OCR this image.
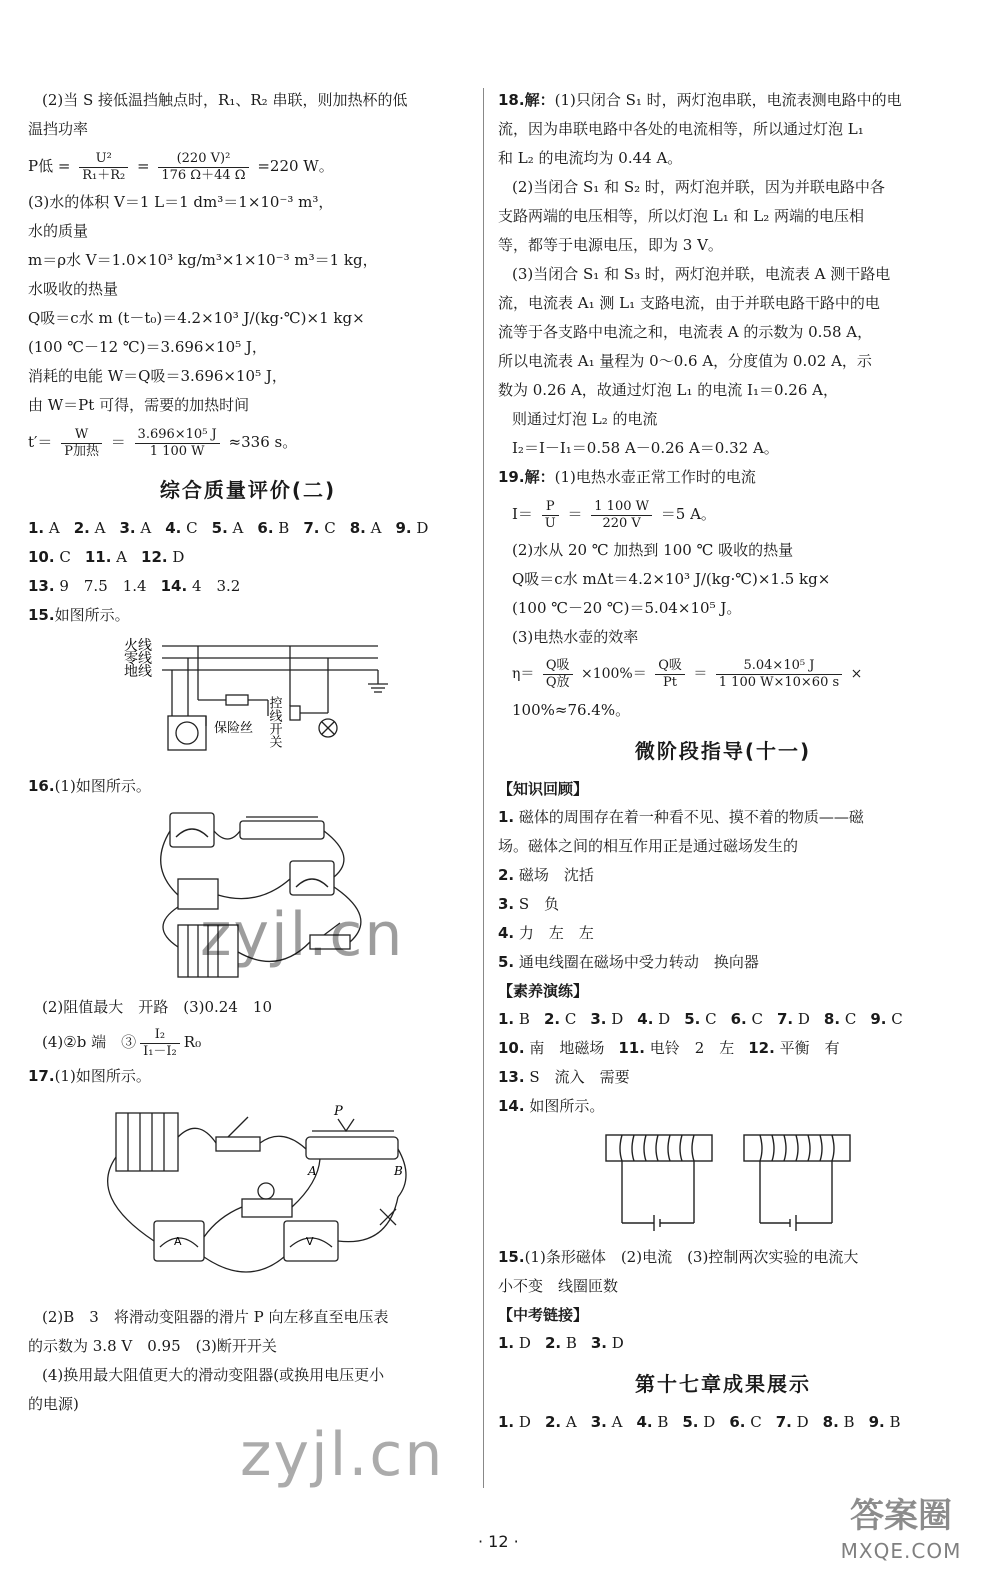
(2)当 S 接低温挡触点时，R₁、R₂ 串联，则加热杯的低
温挡功率
P低 = $\frac{\text{U²}}{\text{R₁＋R₂}} = \frac{\text{(220 V)²}}{176 \Omega+44 \Omega} =220$ W。
(3)水的体积 V＝1 L＝1 dm³＝1×10⁻³ m³，
水的质量
m＝ρ水 V＝1.0×10³ kg/m³×1×10⁻³ m³＝1 kg，
水吸收的热量
Q吸＝c水 m (t－t₀)＝4.2×10³ J/(kg·℃)×1 kg×
(100 ℃－12 ℃)＝3.696×10⁵ J，
消耗的电能 W＝Q吸＝3.696×10⁵ J，
由 W＝Pt 可得，需要的加热时间
$t'= \frac{W}{\text{P加热}} = \frac{\text{3.696×10⁵ J}}{1 100 W} \approx 336$ s。
综合质量评价(二)
1. A 2. A 3. A 4. C 5. A 6. B 7. C 8. A 9. D
10. C 11. A 12. D
13. 9　7.5　1.4 14. 4　3.2
15.如图所示。
火线
零线
地线
保险丝 控线开关
16.(1)如图所示。
(2)阻值最大　开路　(3)0.24　10
(4)②b 端　③ $\frac{\text{I₂}}{\text{I₁－I₂}} R_0$
17.(1)如图所示。
P
A	B
A	V
(2)B　3　将滑动变阻器的滑片 P 向左移直至电压表
的示数为 3.8 V　0.95　(3)断开开关
(4)换用最大阻值更大的滑动变阻器(或换用电压更小
的电源)
18.解：(1)只闭合 S₁ 时，两灯泡串联，电流表测电路中的电
流，因为串联电路中各处的电流相等，所以通过灯泡 L₁
和 L₂ 的电流均为 0.44 A。
(2)当闭合 S₁ 和 S₂ 时，两灯泡并联，因为并联电路中各
支路两端的电压相等，所以灯泡 L₁ 和 L₂ 两端的电压相
等，都等于电源电压，即为 3 V。
(3)当闭合 S₁ 和 S₃ 时，两灯泡并联，电流表 A 测干路电
流，电流表 A₁ 测 L₁ 支路电流，由于并联电路干路中的电
流等于各支路中电流之和，电流表 A 的示数为 0.58 A，
所以电流表 A₁ 量程为 0～0.6 A，分度值为 0.02 A，示
数为 0.26 A，故通过灯泡 L₁ 的电流 I₁＝0.26 A，
则通过灯泡 L₂ 的电流
I₂＝I－I₁＝0.58 A－0.26 A＝0.32 A。
19.解：(1)电热水壶正常工作时的电流
$I= \frac{P}{U} = \frac{1 100 W}{220 V} =5$ A。
(2)水从 20 ℃ 加热到 100 ℃ 吸收的热量
Q吸＝c水 mΔt＝4.2×10³ J/(kg·℃)×1.5 kg×
(100 ℃－20 ℃)＝5.04×10⁵ J。
(3)电热水壶的效率
$\eta= \frac{\text{Q吸}}{\text{Q放}} \times 100\%= \frac{\text{Q吸}}{Pt} = \frac{\text{5.04×10⁵ J}}{1 100 W\times 10\times 60 s}$ ×
100%≈76.4%。
微阶段指导(十一)
【知识回顾】
1. 磁体的周围存在着一种看不见、摸不着的物质——磁
场。磁体之间的相互作用正是通过磁场发生的
2. 磁场　沈括
3. S　负
4. 力　左　左
5. 通电线圈在磁场中受力转动　换向器
【素养演练】
1. B 2. C 3. D 4. D 5. C 6. C 7. D 8. C 9. C
10. 南　地磁场 11. 电铃　2　左 12. 平衡　有
13. S　流入　需要
14. 如图所示。
15.(1)条形磁体　(2)电流　(3)控制两次实验的电流大
小不变　线圈匝数
【中考链接】
1. D 2. B 3. D
第十七章成果展示
1. D 2. A 3. A 4. B 5. D 6. C 7. D 8. B 9. B
· 12 ·
zyjl.cn
zyjl.cn
答案圈
MXQE.COM
